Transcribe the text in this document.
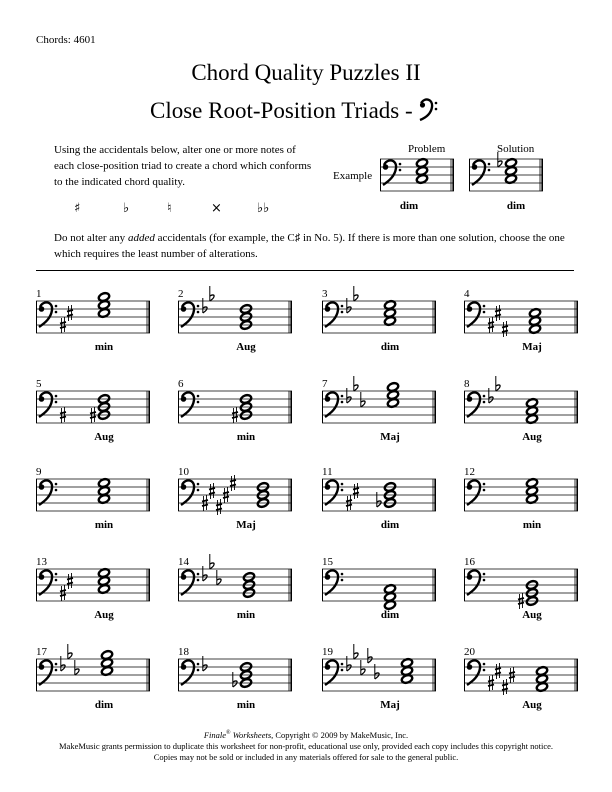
Chords: 4601
Chord Quality Puzzles II
Close Root-Position Triads -
Using the accidentals below, alter one or more notes of each close-position triad to create a chord which conforms to the indicated chord quality.
♯	♭	♮	×	♭♭
Problem	Solution
Example
dim	dim
Do not alter any added accidentals (for example, the C♯ in No. 5). If there is more than one solution, choose the one which requires the least number of alterations.
1
min
2
Aug
3
dim
4
Maj
5
Aug
6
min
7
Maj
8
Aug
9
min
10
Maj
11
dim
12
min
13
Aug
14
min
15
dim
16
Aug
17
dim
18
min
19
Maj
20
Aug
Finale® Worksheets, Copyright © 2009 by MakeMusic, Inc.
MakeMusic grants permission to duplicate this worksheet for non-profit, educational use only, provided each copy includes this copyright notice.
Copies may not be sold or included in any materials offered for sale to the general public.
